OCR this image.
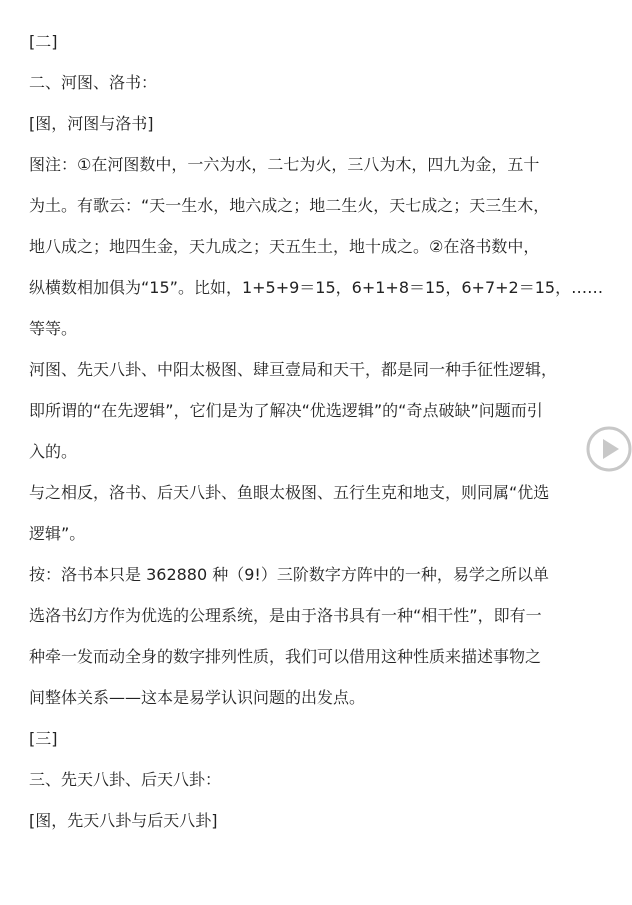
[二]
二、河图、洛书：
[图，河图与洛书]
图注：①在河图数中，一六为水，二七为火，三八为木，四九为金，五十
为土。有歌云：“天一生水，地六成之；地二生火，天七成之；天三生木，
地八成之；地四生金，天九成之；天五生土，地十成之。②在洛书数中，
纵横数相加俱为“15”。比如，1+5+9＝15，6+1+8＝15，6+7+2＝15，……
等等。
河图、先天八卦、中阳太极图、肆亘壹局和天干，都是同一种手征性逻辑，
即所谓的“在先逻辑”，它们是为了解决“优选逻辑”的“奇点破缺”问题而引
入的。
与之相反，洛书、后天八卦、鱼眼太极图、五行生克和地支，则同属“优选
逻辑”。
按：洛书本只是 362880 种（9!）三阶数字方阵中的一种，易学之所以单
选洛书幻方作为优选的公理系统，是由于洛书具有一种“相干性”，即有一
种牵一发而动全身的数字排列性质，我们可以借用这种性质来描述事物之
间整体关系——这本是易学认识问题的出发点。
[三]
三、先天八卦、后天八卦：
[图，先天八卦与后天八卦]
